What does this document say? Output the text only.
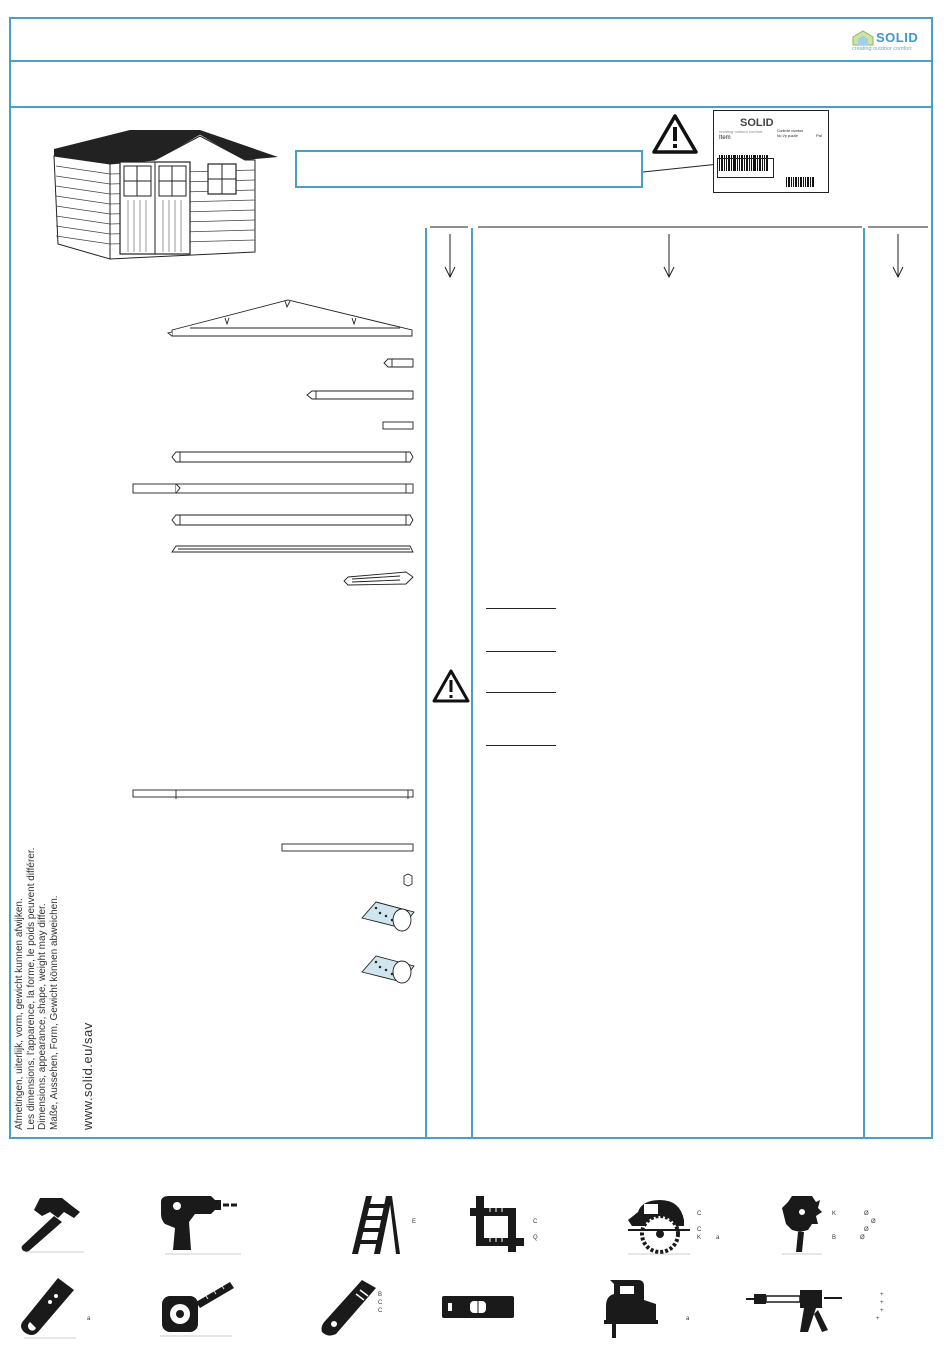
SOLID
creating outdoor comfort
SOLID
creating outdoor comfort
Item
Controle number
No Vp puzzle	Pal
Afmetingen, uiterlijk, vorm, gewicht kunnen afwijken. Les dimensions, l'apparence, la forme, le poids peuvent différer. Dimensions, appearance, shape, weight may differ. Maße, Aussehen, Form, Gewicht können abweichen. www.solid.eu/sav
E	C
Q
C
C
K a
K	Ø
Ø
Ø
B	Ø
a
B
C
C
a
+
+
+
+
